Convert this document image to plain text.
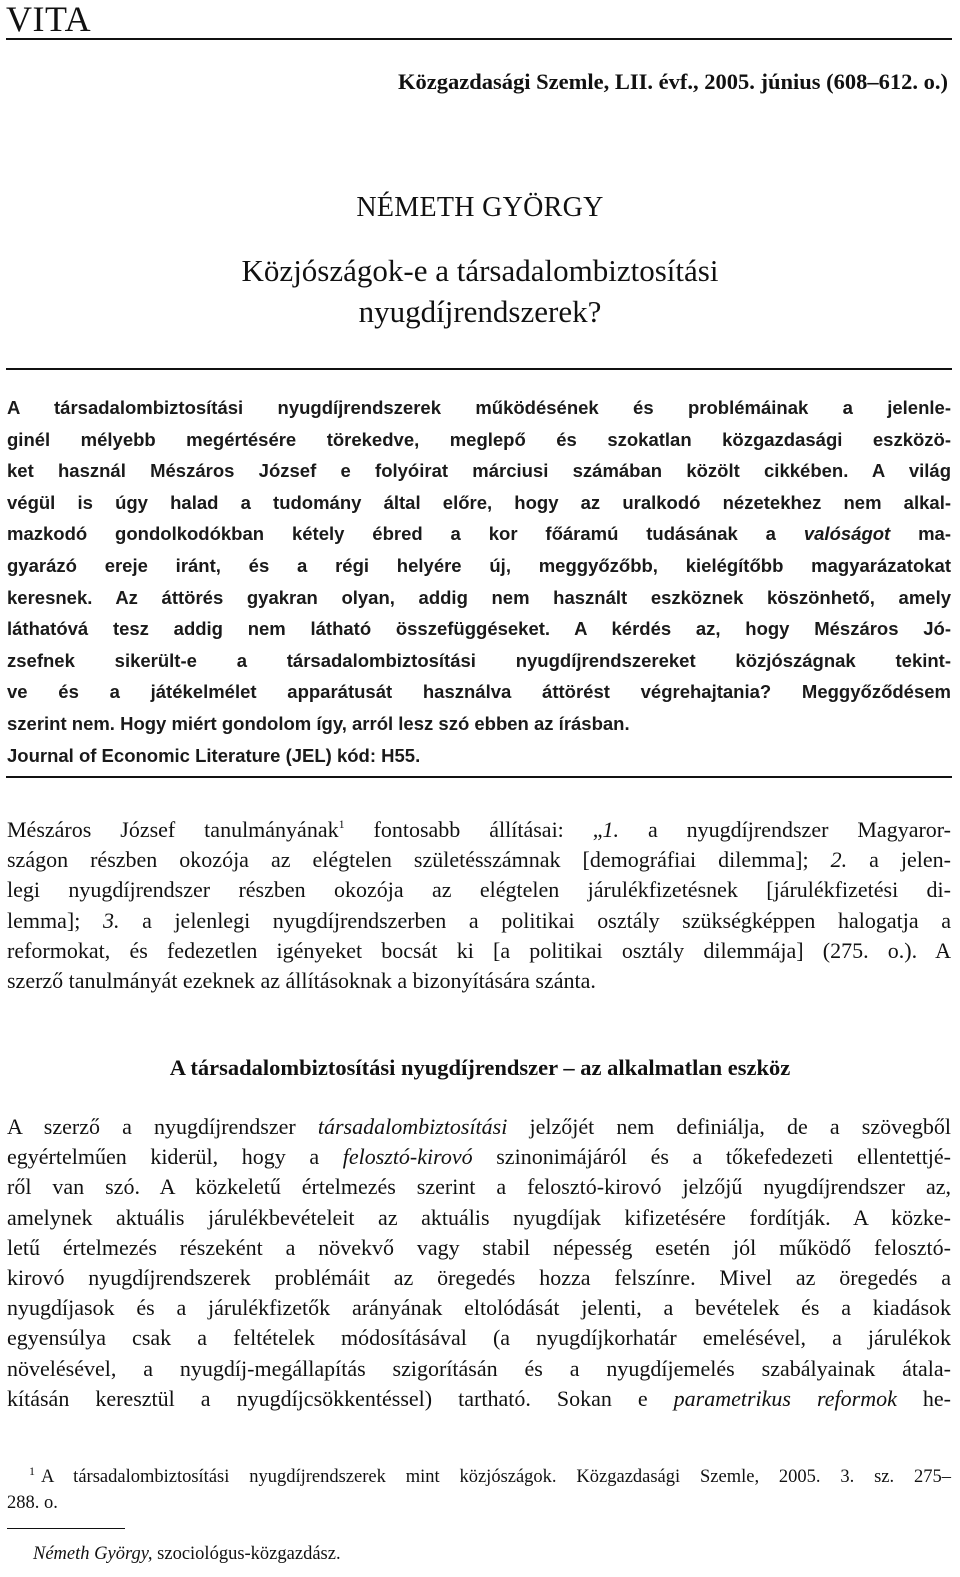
VITA
Közgazdasági Szemle, LII. évf., 2005. június (608–612. o.)
NÉMETH GYÖRGY
Közjószágok-e a társadalombiztosítási
nyugdíjrendszerek?
A társadalombiztosítási nyugdíjrendszerek működésének és problémáinak a jelenle-
ginél mélyebb megértésére törekedve, meglepő és szokatlan közgazdasági eszközö-
ket használ Mészáros József e folyóirat márciusi számában közölt cikkében. A világ
végül is úgy halad a tudomány által előre, hogy az uralkodó nézetekhez nem alkal-
mazkodó gondolkodókban kétely ébred a kor főáramú tudásának a valóságot ma-
gyarázó ereje iránt, és a régi helyére új, meggyőzőbb, kielégítőbb magyarázatokat
keresnek. Az áttörés gyakran olyan, addig nem használt eszköznek köszönhető, amely
láthatóvá tesz addig nem látható összefüggéseket. A kérdés az, hogy Mészáros Jó-
zsefnek sikerült-e a társadalombiztosítási nyugdíjrendszereket közjószágnak tekint-
ve és a játékelmélet apparátusát használva áttörést végrehajtania? Meggyőződésem
szerint nem. Hogy miért gondolom így, arról lesz szó ebben az írásban.
Journal of Economic Literature (JEL) kód: H55.
Mészáros József tanulmányának$^1$ fontosabb állításai: „1. a nyugdíjrendszer Magyaror-
szágon részben okozója az elégtelen születésszámnak [demográfiai dilemma]; 2. a jelen-
legi nyugdíjrendszer részben okozója az elégtelen járulékfizetésnek [járulékfizetési di-
lemma]; 3. a jelenlegi nyugdíjrendszerben a politikai osztály szükségképpen halogatja a
reformokat, és fedezetlen igényeket bocsát ki [a politikai osztály dilemmája] (275. o.). A
szerző tanulmányát ezeknek az állításoknak a bizonyítására szánta.
A társadalombiztosítási nyugdíjrendszer – az alkalmatlan eszköz
A szerző a nyugdíjrendszer társadalombiztosítási jelzőjét nem definiálja, de a szövegből
egyértelműen kiderül, hogy a felosztó-kirovó szinonimájáról és a tőkefedezeti ellentettjé-
ről van szó. A közkeletű értelmezés szerint a felosztó-kirovó jelzőjű nyugdíjrendszer az,
amelynek aktuális járulékbevételeit az aktuális nyugdíjak kifizetésére fordítják. A közke-
letű értelmezés részeként a növekvő vagy stabil népesség esetén jól működő felosztó-
kirovó nyugdíjrendszerek problémáit az öregedés hozza felszínre. Mivel az öregedés a
nyugdíjasok és a járulékfizetők arányának eltolódását jelenti, a bevételek és a kiadások
egyensúlya csak a feltételek módosításával (a nyugdíjkorhatár emelésével, a járulékok
növelésével, a nyugdíj-megállapítás szigorításán és a nyugdíjemelés szabályainak átala-
kításán keresztül a nyugdíjcsökkentéssel) tartható. Sokan e parametrikus reformok he-
$^1$ A társadalombiztosítási nyugdíjrendszerek mint közjószágok. Közgazdasági Szemle, 2005. 3. sz. 275–
288. o.
Németh György, szociológus-közgazdász.
